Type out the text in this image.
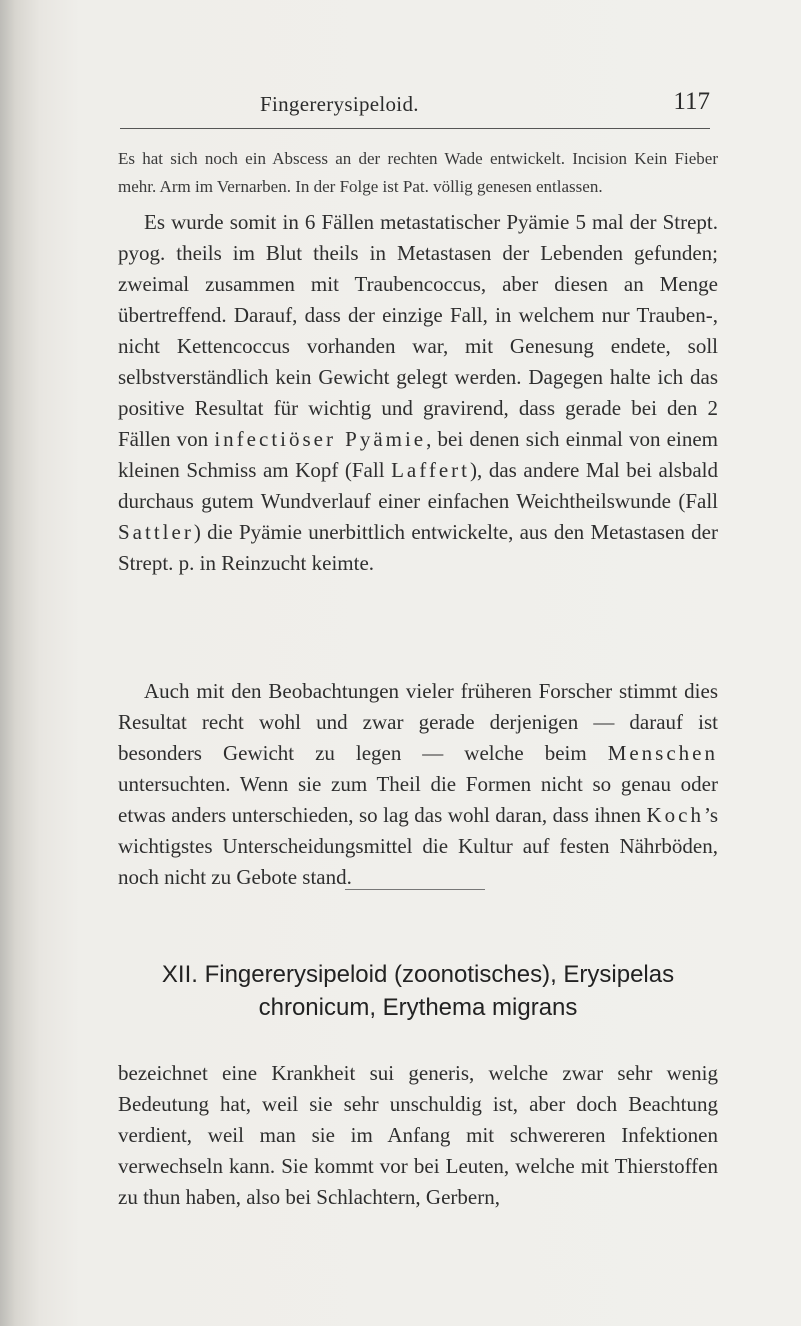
Fingererysipeloid.	117
Es hat sich noch ein Abscess an der rechten Wade entwickelt. Incision Kein Fieber mehr. Arm im Vernarben. In der Folge ist Pat. völlig genesen entlassen.

Es wurde somit in 6 Fällen metastatischer Pyämie 5 mal der Strept. pyog. theils im Blut theils in Metastasen der Lebenden gefunden; zweimal zusammen mit Traubencoccus, aber diesen an Menge übertreffend. Darauf, dass der einzige Fall, in welchem nur Trauben-, nicht Kettencoccus vorhanden war, mit Genesung endete, soll selbstverständlich kein Gewicht gelegt werden. Dagegen halte ich das positive Resultat für wichtig und gravirend, dass gerade bei den 2 Fällen von infectiöser Pyämie, bei denen sich einmal von einem kleinen Schmiss am Kopf (Fall Laffert), das andere Mal bei alsbald durchaus gutem Wundverlauf einer einfachen Weichtheilswunde (Fall Sattler) die Pyämie unerbittlich entwickelte, aus den Metastasen der Strept. p. in Reinzucht keimte.

Auch mit den Beobachtungen vieler früheren Forscher stimmt dies Resultat recht wohl und zwar gerade derjenigen — darauf ist besonders Gewicht zu legen — welche beim Menschen untersuchten. Wenn sie zum Theil die Formen nicht so genau oder etwas anders unterschieden, so lag das wohl daran, dass ihnen Koch’s wichtigstes Unterscheidungsmittel die Kultur auf festen Nährböden, noch nicht zu Gebote stand.

XII. Fingererysipeloid (zoonotisches), Erysipelas
chronicum, Erythema migrans

bezeichnet eine Krankheit sui generis, welche zwar sehr wenig Bedeutung hat, weil sie sehr unschuldig ist, aber doch Beachtung verdient, weil man sie im Anfang mit schwereren Infektionen verwechseln kann. Sie kommt vor bei Leuten, welche mit Thierstoffen zu thun haben, also bei Schlachtern, Gerbern,
